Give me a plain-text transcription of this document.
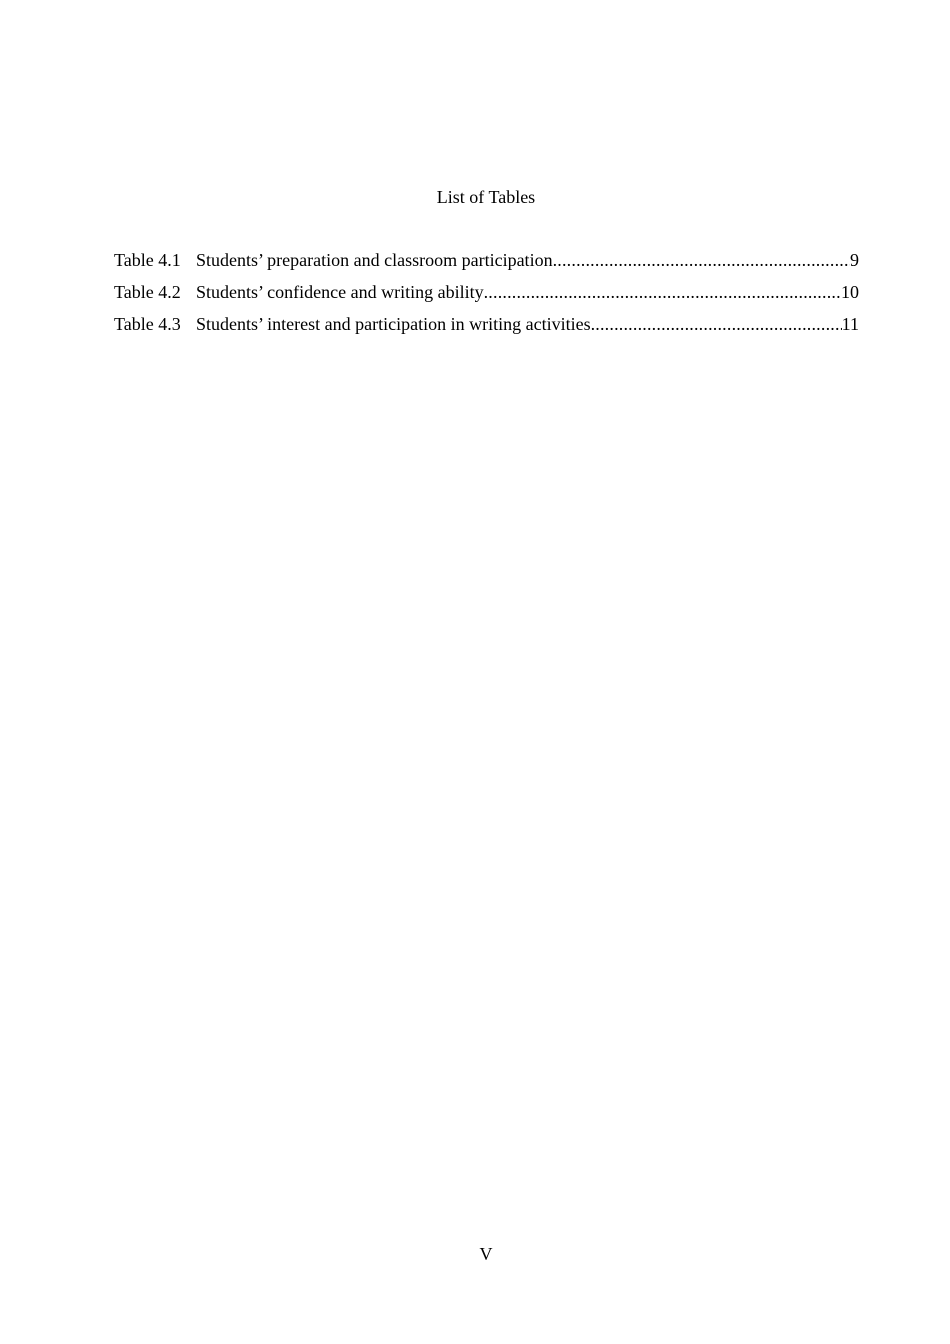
List of Tables
Table 4.1 Students’ preparation and classroom participation .....	9
Table 4.2 Students’ confidence and writing ability .....	10
Table 4.3 Students’ interest and participation in writing activities .....	11
V
